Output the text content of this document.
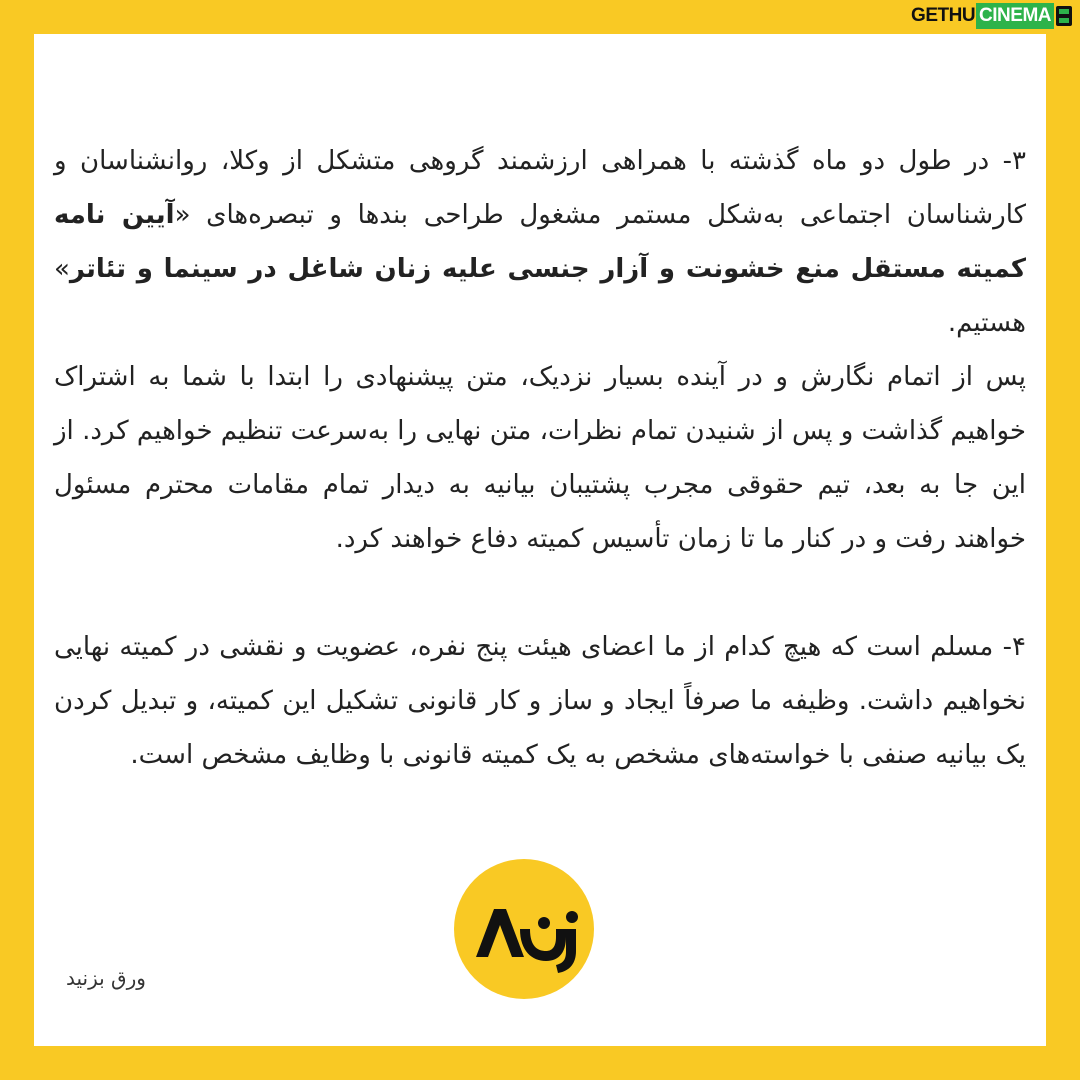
GETHU CINEMA

۳- در طول دو ماه گذشته با همراهی ارزشمند گروهی متشکل از وکلا، روانشناسان و کارشناسان اجتماعی به‌شکل مستمر مشغول طراحی بندها و تبصره‌های «آیین نامه کمیته مستقل منع خشونت و آزار جنسی علیه زنان شاغل در سینما و تئاتر» هستیم.

پس از اتمام نگارش و در آینده بسیار نزدیک، متن پیشنهادی را ابتدا با شما به اشتراک خواهیم گذاشت و پس از شنیدن تمام نظرات، متن نهایی را به‌سرعت تنظیم خواهیم کرد. از این جا به بعد، تیم حقوقی مجرب پشتیبان بیانیه به دیدار تمام مقامات محترم مسئول خواهند رفت و در کنار ما تا زمان تأسیس کمیته دفاع خواهند کرد.

۴- مسلم است که هیچ کدام از ما اعضای هیئت پنج نفره، عضویت و نقشی در کمیته نهایی نخواهیم داشت. وظیفه ما صرفاً ایجاد و ساز و کار قانونی تشکیل این کمیته، و تبدیل کردن یک بیانیه صنفی با خواسته‌های مشخص به یک کمیته قانونی با وظایف مشخص است.

ورق بزنید
